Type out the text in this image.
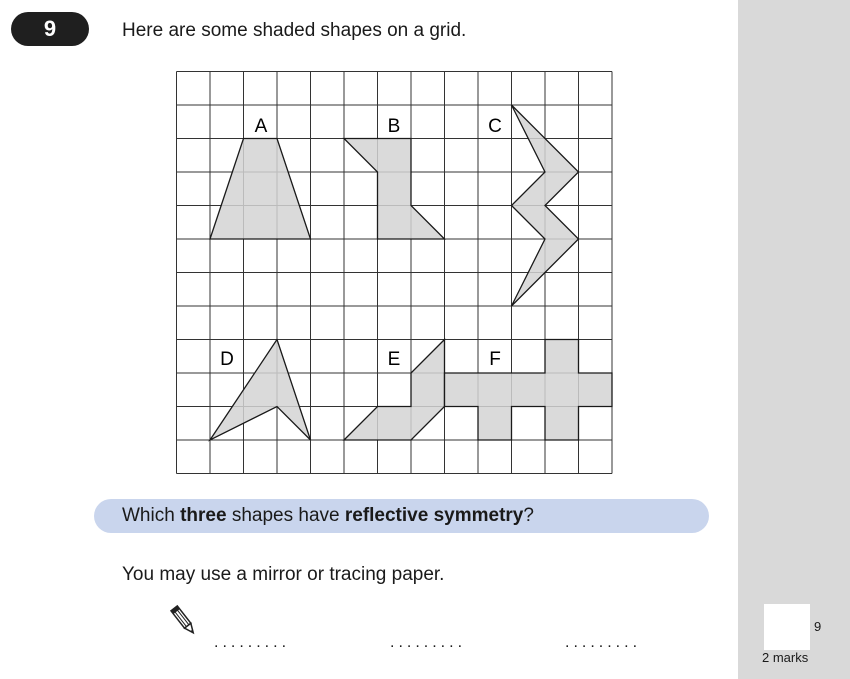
9	Here are some shaded shapes on a grid.
A	B	C
D	E	F
Which three shapes have reflective symmetry?
You may use a mirror or tracing paper.
.........	.........	.........
9
2 marks
